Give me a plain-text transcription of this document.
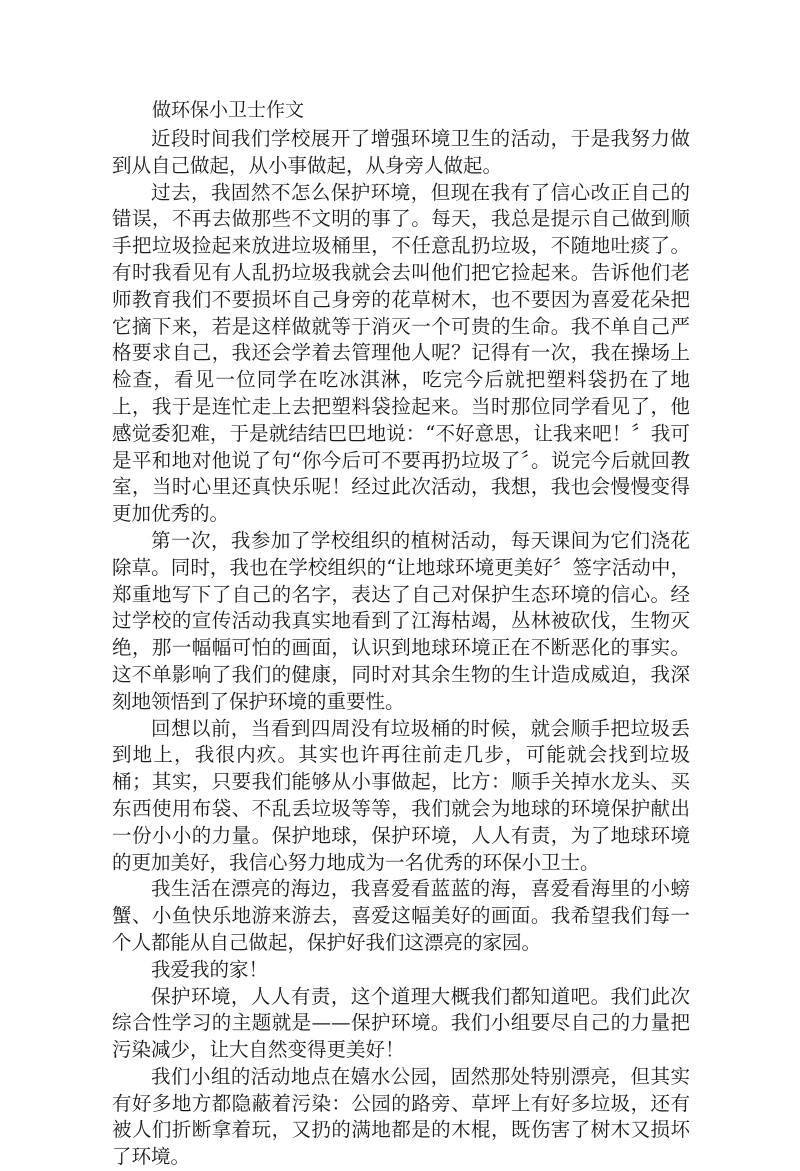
做环保小卫士作文

近段时间我们学校展开了增强环境卫生的活动，于是我努力做到从自己做起，从小事做起，从身旁人做起。

过去，我固然不怎么保护环境，但现在我有了信心改正自己的错误，不再去做那些不文明的事了。每天，我总是提示自己做到顺手把垃圾捡起来放进垃圾桶里，不任意乱扔垃圾，不随地吐痰了。有时我看见有人乱扔垃圾我就会去叫他们把它捡起来。告诉他们老师教育我们不要损坏自己身旁的花草树木，也不要因为喜爱花朵把它摘下来，若是这样做就等于消灭一个可贵的生命。我不单自己严格要求自己，我还会学着去管理他人呢？记得有一次，我在操场上检查，看见一位同学在吃冰淇淋，吃完今后就把塑料袋扔在了地上，我于是连忙走上去把塑料袋捡起来。当时那位同学看见了，他感觉委犯难，于是就结结巴巴地说：“不好意思，让我来吧！〞我可是平和地对他说了句“你今后可不要再扔垃圾了〞。说完今后就回教室，当时心里还真快乐呢！经过此次活动，我想，我也会慢慢变得更加优秀的。

第一次，我参加了学校组织的植树活动，每天课间为它们浇花除草。同时，我也在学校组织的“让地球环境更美好〞签字活动中，郑重地写下了自己的名字，表达了自己对保护生态环境的信心。经过学校的宣传活动我真实地看到了江海枯竭，丛林被砍伐，生物灭绝，那一幅幅可怕的画面，认识到地球环境正在不断恶化的事实。这不单影响了我们的健康，同时对其余生物的生计造成威迫，我深刻地领悟到了保护环境的重要性。

回想以前，当看到四周没有垃圾桶的时候，就会顺手把垃圾丢到地上，我很内疚。其实也许再往前走几步，可能就会找到垃圾桶；其实，只要我们能够从小事做起，比方：顺手关掉水龙头、买东西使用布袋、不乱丢垃圾等等，我们就会为地球的环境保护献出一份小小的力量。保护地球，保护环境，人人有责，为了地球环境的更加美好，我信心努力地成为一名优秀的环保小卫士。

我生活在漂亮的海边，我喜爱看蓝蓝的海，喜爱看海里的小螃蟹、小鱼快乐地游来游去，喜爱这幅美好的画面。我希望我们每一个人都能从自己做起，保护好我们这漂亮的家园。

我爱我的家！

保护环境，人人有责，这个道理大概我们都知道吧。我们此次综合性学习的主题就是——保护环境。我们小组要尽自己的力量把污染减少，让大自然变得更美好！

我们小组的活动地点在嬉水公园，固然那处特别漂亮，但其实有好多地方都隐蔽着污染：公园的路旁、草坪上有好多垃圾，还有被人们折断拿着玩，又扔的满地都是的木棍，既伤害了树木又损坏了环境。
